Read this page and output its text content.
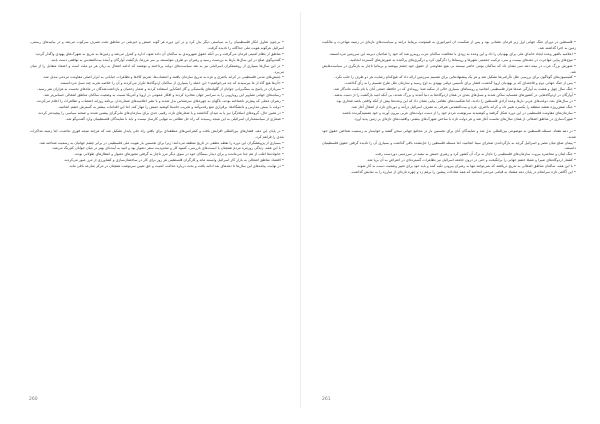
• بی‌چون شاول انکار فلسطینیان را به سیاستی دیگر بدل کرد و در این دوره هر گونه جنبش و خیزشی در مناطق تحت تصرف سرکوب می‌شد و در بیانیه‌های رسمی، اسرائیل هرگونه هویت ملی جداگانه را نادیده گرفت.

• مناطق از نظام امنیتی فرمان می‌گرفت و بی آنکه حقوق شهروندی به ساکنان آن داده شود، اداره و کنترل می‌شد و زمین‌ها به تدریج به شهرک‌های یهودی واگذار گردید.

• گفت‌وگوی صلح در این سال‌ها بارها به بن‌بست رسید و رهبران دو طرف نتوانستند بر سر مرزها، بازگشت آوارگان و آینده بیت‌المقدس به توافقی دست یابند.

• در این سال‌ها بسیاری از روشنفکران اسرائیلی نیز به نقد سیاست‌های دولت پرداختند و نوشتند که ادامه اشغال به زیان هر دو ملت است و اعتماد متقابل را از میان می‌برد.

• جنبش‌های مدنی فلسطینی در کرانه باختری و غزه به تدریج سازمان یافتند و اعتصاب‌ها، تحریم کالاها و تظاهرات خیابانی به ابزار اصلی مقاومت مردمی تبدیل شد.

• «آن‌ها هیچ گاه از ما نپرسیدند که چه می‌خواهیم.» این جمله را بسیاری از ساکنان اردوگاه‌ها تکرار می‌کردند و آن را خلاصه تجربه چند نسل می‌دانستند.

• سربازان در پاسخ به سنگ‌پرانی جوانان از گلوله‌های پلاستیکی و گاز اشک‌آور استفاده کردند و شمار زخمیان و بازداشت‌شدگان در ماه‌های نخست به هزاران نفر رسید.

• رسانه‌های جهانی تصاویر این رویارویی را به سراسر جهان مخابره کردند و افکار عمومی در اروپا و آمریکا نسبت به وضعیت ساکنان مناطق اشغالی حساس‌تر شد.

• رهبران محلی که پیش‌تر ناشناخته بودند، ناگهان به چهره‌های سرشناس بدل شدند و با نشر اعلامیه‌های شماره‌دار، برنامه روزانه اعتصاب و تظاهرات را اعلام می‌کردند.

• دولت با بستن مدارس و دانشگاه‌ها، برقراری منع رفت‌وآمد و تخریب خانه‌ها کوشید جنبش را مهار کند، اما این اقدامات بیشتر به گسترش خشم انجامید.

• در همین حال، گروه‌های اسلام‌گرا نیز پا به میدان گذاشتند و با شعارهای تازه، رقیبی جدی برای سازمان‌های ملی‌گرای پیشین شدند و صحنه سیاسی را پیچیده‌تر کردند.

• شماری از سیاستمداران اسرائیلی به این نتیجه رسیدند که راه حل نظامی به تنهایی کارساز نیست و باید با نمایندگان فلسطینیان وارد گفت‌وگو شد.

• در پایان این دهه، فشارهای بین‌المللی افزایش یافت و کنفرانس‌های منطقه‌ای برای یافتن راه حلی پایدار تشکیل شد که هرچند نتیجه فوری نداشت، اما زمینه مذاکرات بعدی را فراهم کرد.

• بسیاری از پژوهشگران این دوره را نقطه عطفی در تاریخ منطقه می‌دانند؛ زیرا برای نخستین بار هویت ملی فلسطینی در برابر چشم جهانیان به رسمیت شناخته شد.

• با این همه، زندگی روزمره مردم همچنان با ایست‌های بازرسی، کمبود کار و محدودیت سفر دشوار بود و امید به آینده‌ای بهتر در میان جوانان کم‌رنگ می‌شد.

• خانواده‌ها اغلب از هم جدا می‌ماندند و برای دیدار بستگان خود در سوی دیگر مرز ناچار به گرفتن مجوزهای دشوار و انتظارهای طولانی بودند.

• اقتصاد مناطق اشغالی به بازار کار اسرائیل وابسته ماند و کارگران فلسطینی هر روز برای کار در ساختمان‌سازی و کشاورزی از مرز عبور می‌کردند.

• در نهایت، پیامدهای این سال‌ها تا دهه‌های بعد ادامه یافت و بحث درباره عدالت، امنیت و حق تعیین سرنوشت همچنان در مرکز منازعه باقی ماند.

260

• فلسطین در دوران جنگ جهانی اول زیر فرمان عثمانی بود و پس از شکست آن امپراتوری به قیمومت بریتانیا درآمد و سیاست‌های تازه‌ای در زمینه مهاجرت و مالکیت زمین به اجرا گذاشته شد.

• اعلامیه بالفور وعده ایجاد خانه‌ای ملی برای یهودیان را داد و این وعده به زودی با مخالفت ساکنان عرب روبه‌رو شد که خود را صاحبان دیرینه این سرزمین می‌دانستند.

• موج‌های پیاپی مهاجرت در دهه‌های بیست و سی، ترکیب جمعیتی شهرها و روستاها را دگرگون کرد و درگیری‌های پراکنده به شورش‌های گسترده انجامید.

• شورش بزرگ عرب در نیمه دهه سی نشان داد که ساکنان بومی حاضر نیستند بی هیچ مقاومتی از حقوق خود چشم بپوشند و بریتانیا ناچار به بازنگری در سیاست‌هایش شد.

• کمیسیون‌های گوناگون برای بررسی علل ناآرامی‌ها تشکیل شد و هر یک پیشنهادهایی برای تقسیم سرزمین ارائه داد که هیچ‌کدام رضایت هر دو طرف را جلب نکرد.

• پس از جنگ جهانی دوم و فاجعه‌ای که بر یهودیان اروپا گذشت، فشار برای تأسیس دولتی یهودی به اوج رسید و سازمان ملل طرح تقسیم را به رأی گذاشت.

• جنگ سال چهل و هشت به آوارگی صدها هزار فلسطینی انجامید و روستاهای بسیاری خالی از سکنه شد؛ رویدادی که در حافظه جمعی آنان با نام نکبت ماندگار شد.

• آوارگان در اردوگاه‌هایی در کشورهای همسایه ساکن شدند و نسل‌های بعدی در همان اردوگاه‌ها به دنیا آمدند و بزرگ شدند، بی آنکه امید بازگشت را از دست بدهند.

• در سال‌های بعد، دولت‌های عربی بارها وعده آزادی فلسطین را دادند، اما شکست‌های نظامی پیاپی نشان داد که این وعده‌ها بیش از آنکه واقعی باشد شعاری بود.

• جنگ شش‌روزه نقشه منطقه را یکسره تغییر داد و کرانه باختری، غزه و بیت‌المقدس شرقی به تصرف اسرائیل درآمد و دوره‌ای تازه از اشغال آغاز شد.

• سازمان‌های مقاومت فلسطینی در این دوره شکل گرفتند و کوشیدند سرنوشت مردم خود را از دست دولت‌های عربی بیرون آورند و خود تصمیم‌گیرنده باشند.

• شهرک‌سازی در مناطق اشغالی از همان سال‌های نخست آغاز شد و هر دولت تازه با ساختن شهرک‌های بیشتر، واقعیت‌های تازه‌ای بر زمین پدید آورد.

• در دهه هفتاد، مسئله فلسطین به موضوعی بین‌المللی بدل شد و نمایندگان آنان برای نخستین بار در مجامع جهانی سخن گفتند و خواستار به رسمیت شناختن حقوق خود شدند.

• پیمان صلح میان مصر و اسرائیل گرچه به بازگرداندن صحرای سینا انجامید، اما مسئله فلسطین را حل‌نشده باقی گذاشت و بسیاری آن را نادیده گرفتن حقوق فلسطینیان دانستند.

• جنگ لبنان و محاصره بیروت سازمان‌های فلسطینی را ناچار به ترک آن کشور کرد و رهبری جنبش به تبعید در سرزمینی دوردست رفت.

• کشتار اردوگاه‌های صبرا و شتیلا خشم جهانی را برانگیخت و حتی در درون جامعه اسرائیل نیز تظاهرات گسترده‌ای در اعتراض به آن برپا شد.

• با این همه، ساکنان مناطق اشغالی به تدریج دریافتند که نمی‌توانند تنها به رهبران بیرونی تکیه کنند و باید خود برای تغییر وضعیت دست به کار شوند.

• این آگاهی تازه سرانجام در پایان دهه هشتاد به قیامی مردمی انجامید که همه معادلات پیشین را برهم زد و چهره تازه‌ای از مبارزه را به نمایش گذاشت.

261
